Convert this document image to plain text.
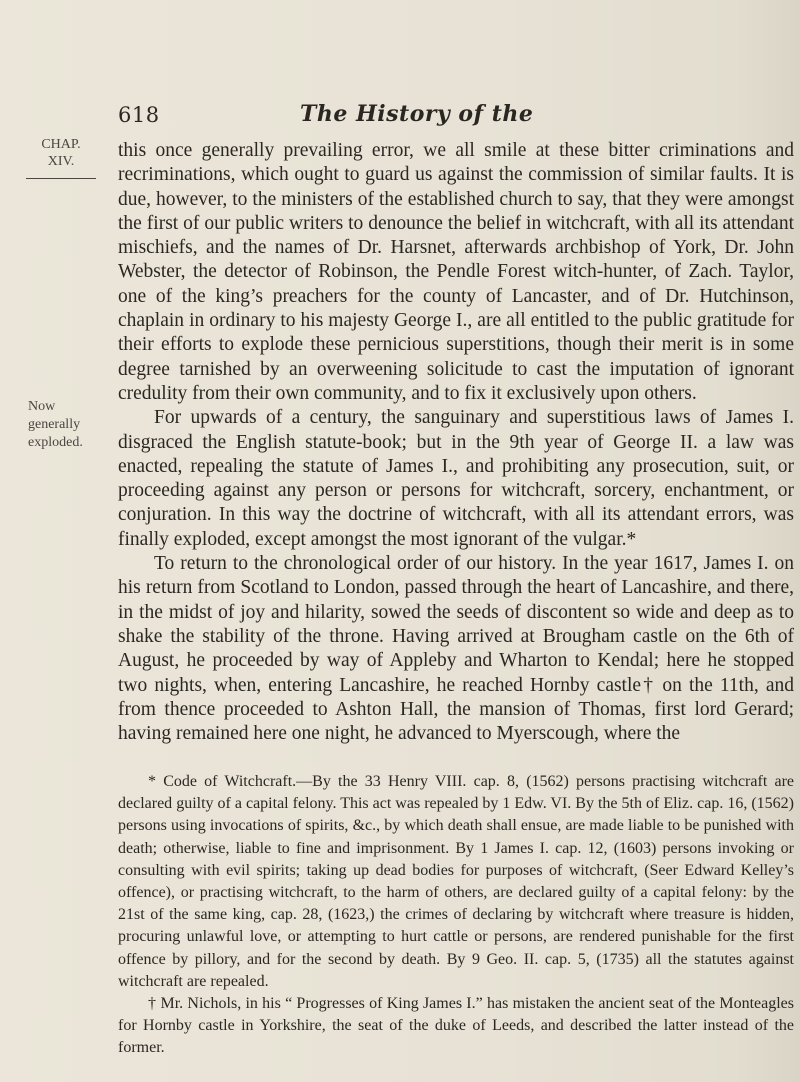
618	The History of the
CHAP.
XIV.
Now generally exploded.

this once generally prevailing error, we all smile at these bitter criminations and recriminations, which ought to guard us against the commission of similar faults. It is due, however, to the ministers of the established church to say, that they were amongst the first of our public writers to denounce the belief in witchcraft, with all its attendant mischiefs, and the names of Dr. Harsnet, afterwards archbishop of York, Dr. John Webster, the detector of Robinson, the Pendle Forest witch-hunter, of Zach. Taylor, one of the king’s preachers for the county of Lancaster, and of Dr. Hutchinson, chaplain in ordinary to his majesty George I., are all entitled to the public gratitude for their efforts to explode these pernicious superstitions, though their merit is in some degree tarnished by an overweening solicitude to cast the imputation of ignorant credulity from their own community, and to fix it exclusively upon others.

For upwards of a century, the sanguinary and superstitious laws of James I. disgraced the English statute-book; but in the 9th year of George II. a law was enacted, repealing the statute of James I., and prohibiting any prosecution, suit, or proceeding against any person or persons for witchcraft, sorcery, enchantment, or conjuration. In this way the doctrine of witchcraft, with all its attendant errors, was finally exploded, except amongst the most ignorant of the vulgar.*

To return to the chronological order of our history. In the year 1617, James I. on his return from Scotland to London, passed through the heart of Lancashire, and there, in the midst of joy and hilarity, sowed the seeds of discontent so wide and deep as to shake the stability of the throne. Having arrived at Brougham castle on the 6th of August, he proceeded by way of Appleby and Wharton to Kendal; here he stopped two nights, when, entering Lancashire, he reached Hornby castle† on the 11th, and from thence proceeded to Ashton Hall, the mansion of Thomas, first lord Gerard; having remained here one night, he advanced to Myerscough, where the

* Code of Witchcraft.—By the 33 Henry VIII. cap. 8, (1562) persons practising witchcraft are declared guilty of a capital felony. This act was repealed by 1 Edw. VI. By the 5th of Eliz. cap. 16, (1562) persons using invocations of spirits, &c., by which death shall ensue, are made liable to be punished with death; otherwise, liable to fine and imprisonment. By 1 James I. cap. 12, (1603) persons invoking or consulting with evil spirits; taking up dead bodies for purposes of witchcraft, (Seer Edward Kelley’s offence), or practising witchcraft, to the harm of others, are declared guilty of a capital felony: by the 21st of the same king, cap. 28, (1623,) the crimes of declaring by witchcraft where treasure is hidden, procuring unlawful love, or attempting to hurt cattle or persons, are rendered punishable for the first offence by pillory, and for the second by death. By 9 Geo. II. cap. 5, (1735) all the statutes against witchcraft are repealed.

† Mr. Nichols, in his “ Progresses of King James I.” has mistaken the ancient seat of the Monteagles for Hornby castle in Yorkshire, the seat of the duke of Leeds, and described the latter instead of the former.
